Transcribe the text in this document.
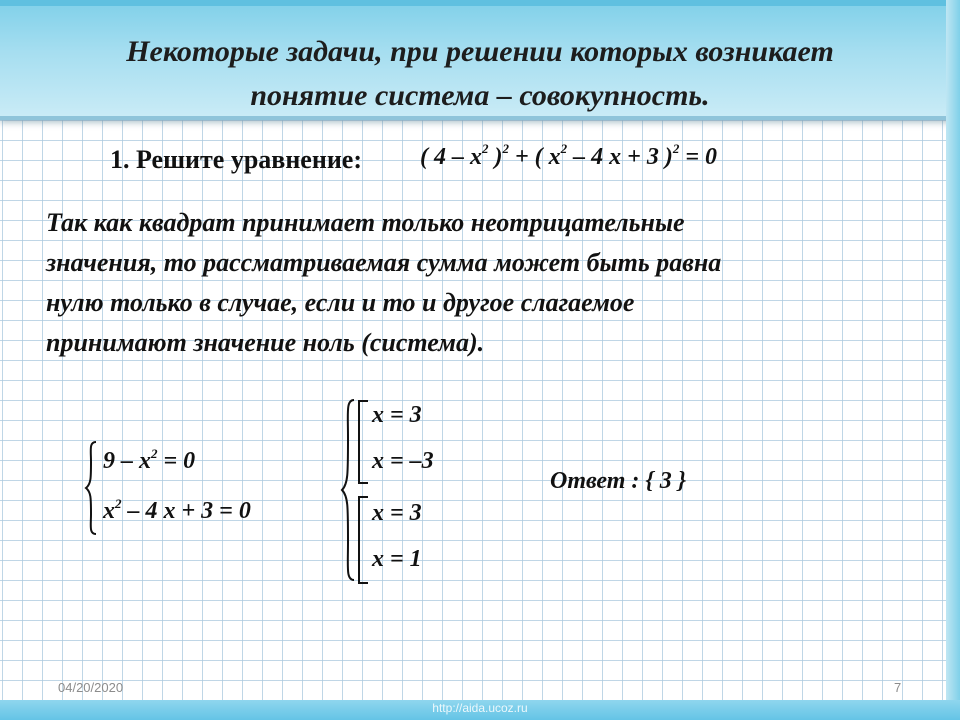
Некоторые задачи, при решении которых возникает
понятие система – совокупность.
1. Решите уравнение: ( $4 - x^2$ )$^2$ + ( $x^2 - 4$ x + 3 )$^2$ = 0
Так как квадрат принимает только неотрицательные
значения, то рассматриваемая сумма может быть равна
нулю только в случае, если и то и другое слагаемое
принимают значение ноль (система).
$9 - x^2 = 0$
$x^2 - 4$ x + 3 = 0
x = 3
x = –3
x = 3
x = 1
Ответ : { 3 }
04/20/2020	7
http://aida.ucoz.ru
